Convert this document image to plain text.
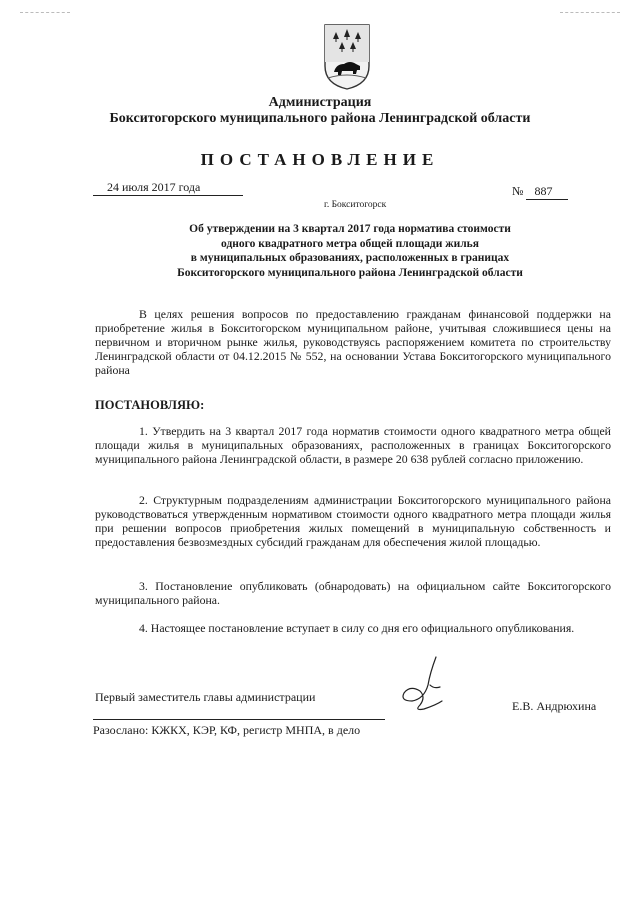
Администрация
Бокситогорского муниципального района Ленинградской области
ПОСТАНОВЛЕНИЕ
24 июля 2017 года	№ 887
г. Бокситогорск
Об утверждении на 3 квартал 2017 года норматива стоимости
одного квадратного метра общей площади жилья
в муниципальных образованиях, расположенных в границах
Бокситогорского муниципального района Ленинградской области
В целях решения вопросов по предоставлению гражданам финансовой поддержки на приобретение жилья в Бокситогорском муниципальном районе, учитывая сложившиеся цены на первичном и вторичном рынке жилья, руководствуясь распоряжением комитета по строительству Ленинградской области от 04.12.2015 № 552, на основании Устава Бокситогорского муниципального района
ПОСТАНОВЛЯЮ:
1. Утвердить на 3 квартал 2017 года норматив стоимости одного квадратного метра общей площади жилья в муниципальных образованиях, расположенных в границах Бокситогорского муниципального района Ленинградской области, в размере 20 638 рублей согласно приложению.
2. Структурным подразделениям администрации Бокситогорского муниципального района руководствоваться утвержденным нормативом стоимости одного квадратного метра площади жилья при решении вопросов приобретения жилых помещений в муниципальную собственность и предоставления безвозмездных субсидий гражданам для обеспечения жилой площадью.
3. Постановление опубликовать (обнародовать) на официальном сайте Бокситогорского муниципального района.
4. Настоящее постановление вступает в силу со дня его официального опубликования.
Первый заместитель главы администрации
Е.В. Андрюхина
Разослано: КЖКХ, КЭР, КФ, регистр МНПА, в дело
